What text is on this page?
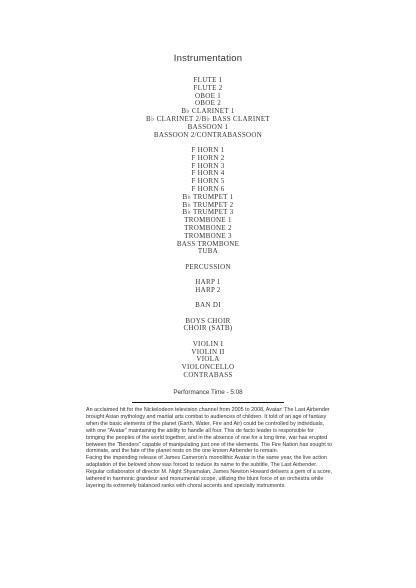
Instrumentation
FLUTE 1
FLUTE 2
OBOE 1
OBOE 2
B♭ CLARINET 1
B♭ CLARINET 2/B♭ BASS CLARINET
BASSOON 1
BASSOON 2/CONTRABASSOON
F HORN 1
F HORN 2
F HORN 3
F HORN 4
F HORN 5
F HORN 6
B♭ TRUMPET 1
B♭ TRUMPET 2
B♭ TRUMPET 3
TROMBONE 1
TROMBONE 2
TROMBONE 3
BASS TROMBONE
TUBA
PERCUSSION
HARP 1
HARP 2
BAN DI
BOYS CHOIR
CHOIR (SATB)
VIOLIN I
VIOLIN II
VIOLA
VIOLONCELLO
CONTRABASS
Performance Time - 5:08

An acclaimed hit for the Nickelodeon television channel from 2005 to 2008, Avatar: The Last Airbender brought Asian mythology and martial arts combat to audiences of children. It told of an age of fantasy when the basic elements of the planet (Earth, Water, Fire and Air) could be controlled by individuals, with one "Avatar" maintaining the ability to handle all four. This de facto leader is responsible for bringing the peoples of the world together, and in the absence of one for a long time, war has erupted between the "Benders" capable of manipulating just one of the elements. The Fire Nation has sought to dominate, and the fate of the planet rests on the one known Airbender to remain.

Facing the impending release of James Cameron's monolithic Avatar in the same year, the live action adaptation of the beloved show was forced to reduce its name to the subtitle, The Last Airbender.

Regular collaborator of director M. Night Shyamalan, James Newton Howard delivers a gem of a score, lathered in harmonic grandeur and monumental scope, utilizing the blunt force of an orchestra while layering its extremely balanced ranks with choral accents and specialty instruments.
